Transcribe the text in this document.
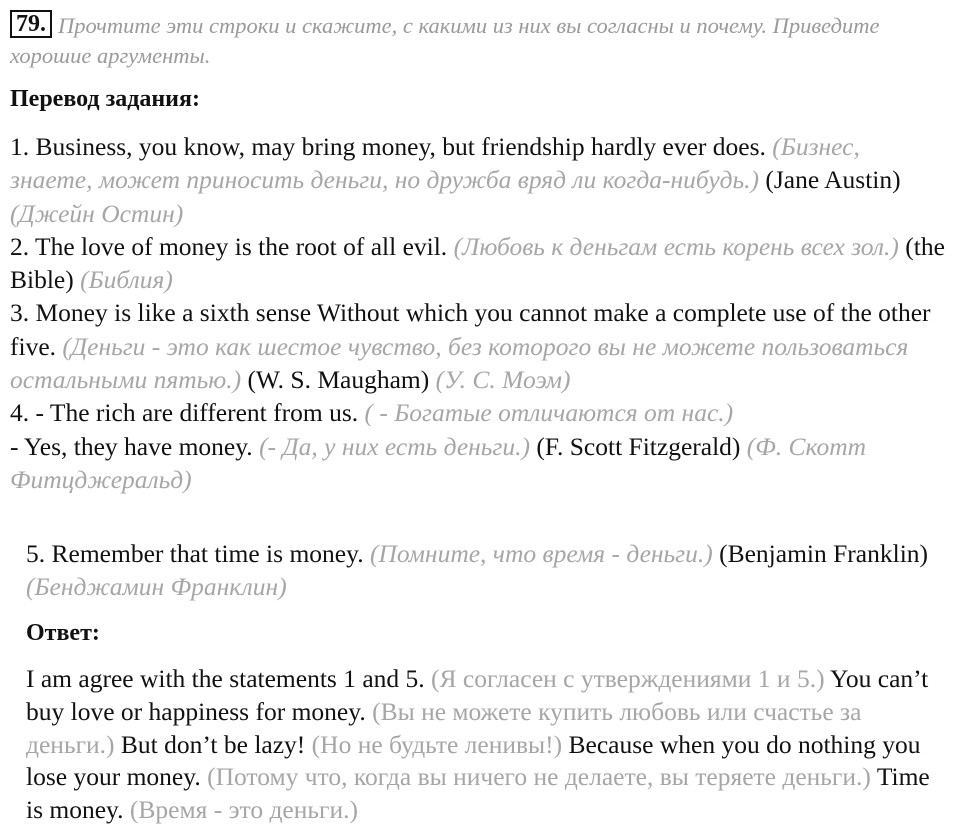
79. Прочтите эти строки и скажите, с какими из них вы согласны и почему. Приведите хорошие аргументы.
Перевод задания:
1. Business, you know, may bring money, but friendship hardly ever does. (Бизнес, знаете, может приносить деньги, но дружба вряд ли когда-нибудь.) (Jane Austin) (Джейн Остин)
2. The love of money is the root of all evil. (Любовь к деньгам есть корень всех зол.) (the Bible) (Библия)
3. Money is like a sixth sense Without which you cannot make a complete use of the other five. (Деньги - это как шестое чувство, без которого вы не можете пользоваться остальными пятью.) (W. S. Maugham) (У. С. Моэм)
4. - The rich are different from us. ( - Богатые отличаются от нас.)
- Yes, they have money. (- Да, у них есть деньги.) (F. Scott Fitzgerald) (Ф. Скотт Фитцджеральд)
5. Remember that time is money. (Помните, что время - деньги.) (Benjamin Franklin) (Бенджамин Франклин)
Ответ:
I am agree with the statements 1 and 5. (Я согласен с утверждениями 1 и 5.) You can’t buy love or happiness for money. (Вы не можете купить любовь или счастье за деньги.) But don’t be lazy! (Но не будьте ленивы!) Because when you do nothing you lose your money. (Потому что, когда вы ничего не делаете, вы теряете деньги.) Time is money. (Время - это деньги.)
